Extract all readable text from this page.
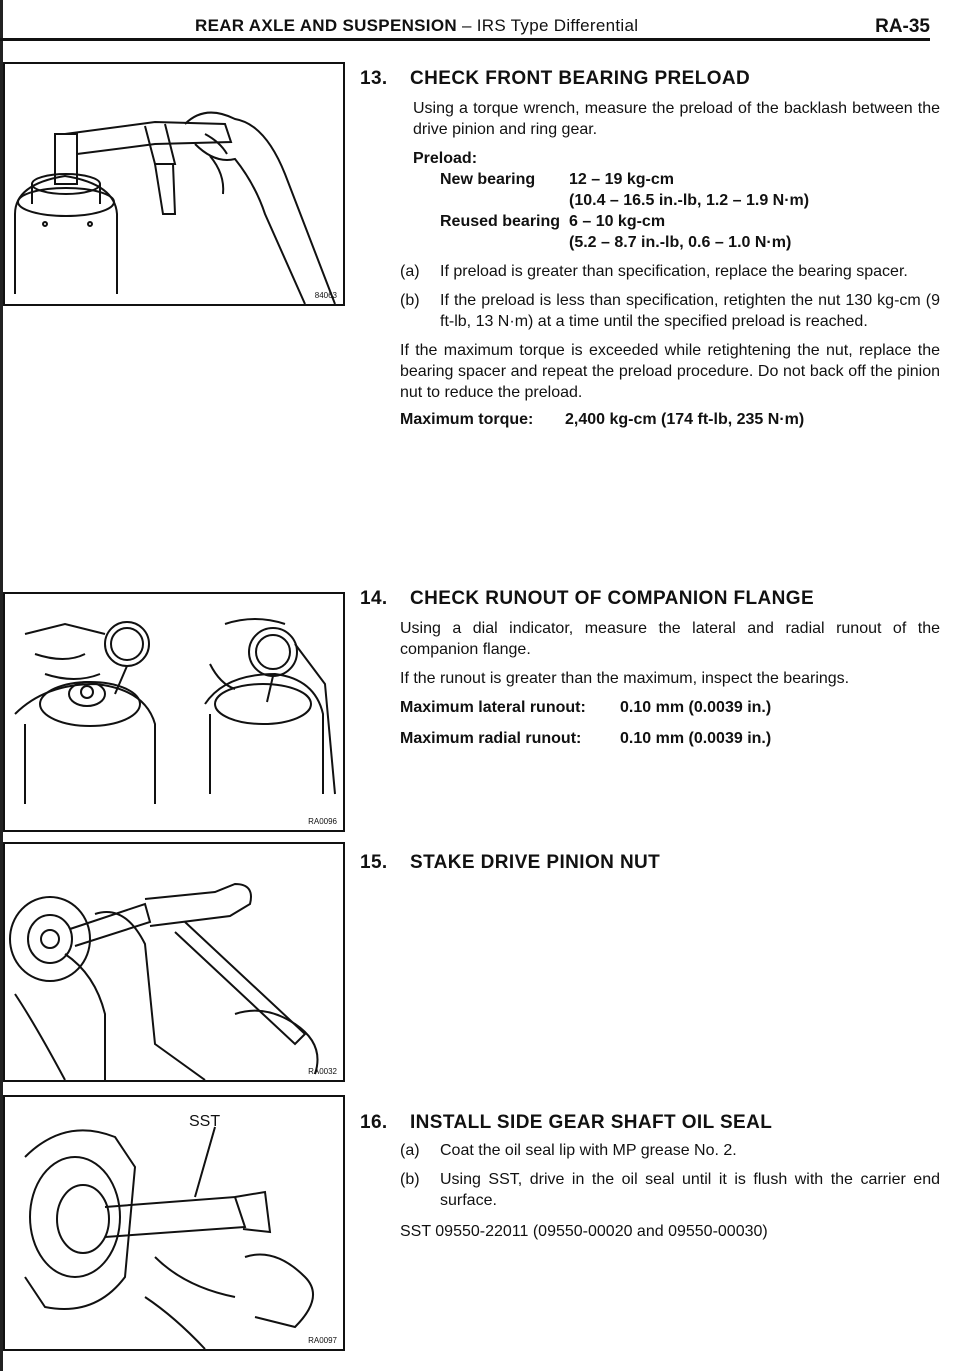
REAR AXLE AND SUSPENSION – IRS Type Differential	RA-35
84063
RA0096
RA0032
SST
RA0097
13. CHECK FRONT BEARING PRELOAD
Using a torque wrench, measure the preload of the backlash between the drive pinion and ring gear.
Preload:
New bearing 12 – 19 kg-cm
(10.4 – 16.5 in.-lb, 1.2 – 1.9 N·m)
Reused bearing 6 – 10 kg-cm
(5.2 – 8.7 in.-lb, 0.6 – 1.0 N·m)
(a) If preload is greater than specification, replace the bearing spacer.
(b) If the preload is less than specification, retighten the nut 130 kg-cm (9 ft-lb, 13 N·m) at a time until the specified preload is reached.
If the maximum torque is exceeded while retightening the nut, replace the bearing spacer and repeat the preload procedure. Do not back off the pinion nut to reduce the preload.
Maximum torque: 2,400 kg-cm (174 ft-lb, 235 N·m)
14. CHECK RUNOUT OF COMPANION FLANGE
Using a dial indicator, measure the lateral and radial runout of the companion flange.
If the runout is greater than the maximum, inspect the bearings.
Maximum lateral runout: 0.10 mm (0.0039 in.)
Maximum radial runout: 0.10 mm (0.0039 in.)
15. STAKE DRIVE PINION NUT
16. INSTALL SIDE GEAR SHAFT OIL SEAL
(a) Coat the oil seal lip with MP grease No. 2.
(b) Using SST, drive in the oil seal until it is flush with the carrier end surface.
SST 09550-22011 (09550-00020 and 09550-00030)
